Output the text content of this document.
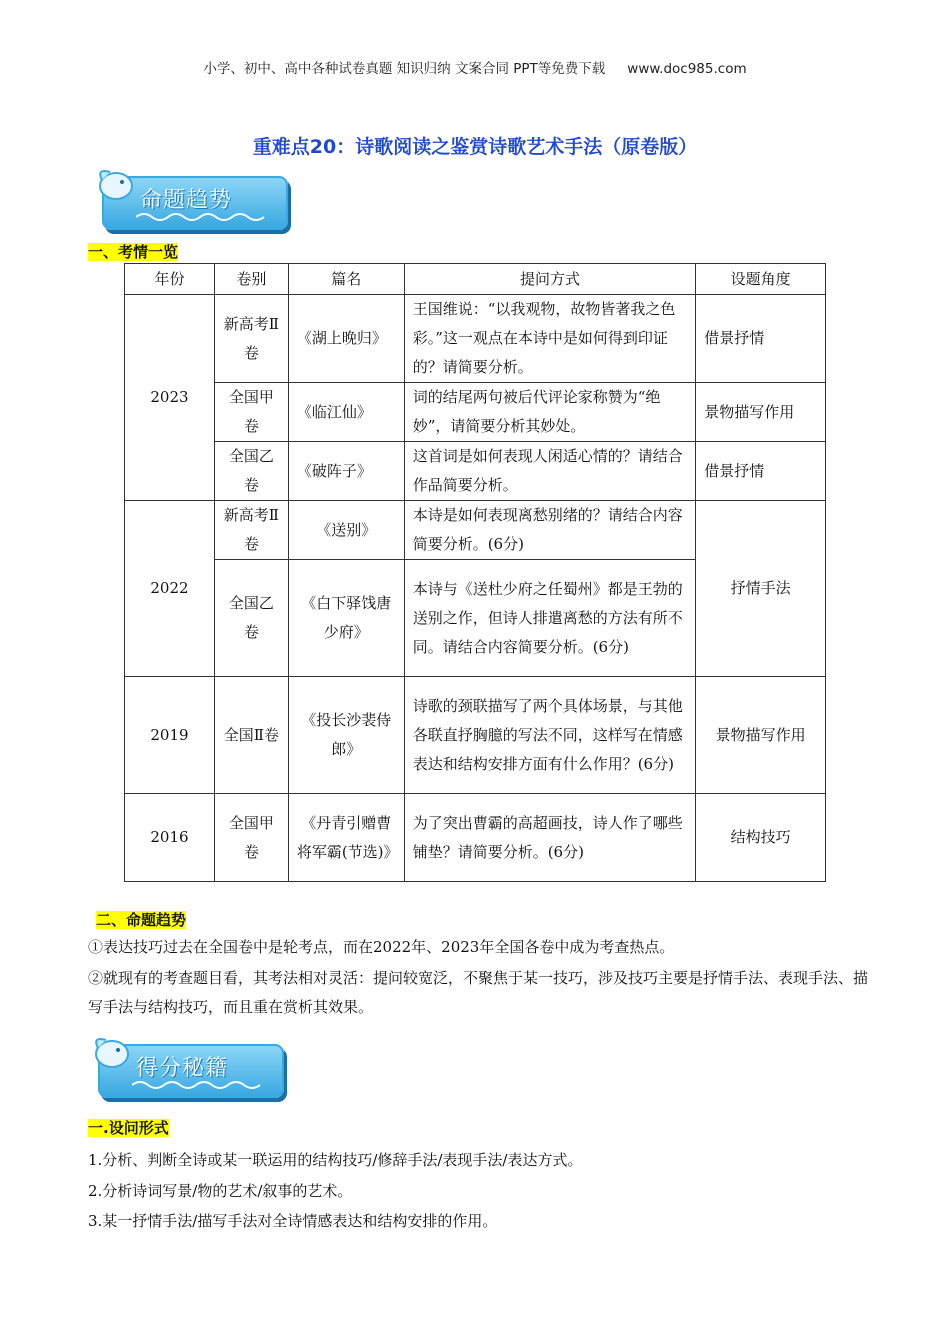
小学、初中、高中各种试卷真题 知识归纳 文案合同 PPT等免费下载 www.doc985.com
重难点20：诗歌阅读之鉴赏诗歌艺术手法（原卷版）
命题趋势
一、考情一览
年份	卷别	篇名	提问方式	设题角度
2023	新高考Ⅱ卷	《湖上晚归》	王国维说：“以我观物，故物皆著我之色彩。”这一观点在本诗中是如何得到印证的？请简要分析。	借景抒情
	全国甲卷	《临江仙》	词的结尾两句被后代评论家称赞为“绝妙”，请简要分析其妙处。	景物描写作用
	全国乙卷	《破阵子》	这首词是如何表现人闲适心情的？请结合作品简要分析。	借景抒情
2022	新高考Ⅱ卷	《送别》	本诗是如何表现离愁别绪的？请结合内容简要分析。(6分)	抒情手法
	全国乙卷	《白下驿饯唐少府》	本诗与《送杜少府之任蜀州》都是王勃的送别之作，但诗人排遣离愁的方法有所不同。请结合内容简要分析。(6分)	
2019	全国Ⅱ卷	《投长沙裴侍郎》	诗歌的颈联描写了两个具体场景，与其他各联直抒胸臆的写法不同，这样写在情感表达和结构安排方面有什么作用？(6分)	景物描写作用
2016	全国甲卷	《丹青引赠曹将军霸(节选)》	为了突出曹霸的高超画技，诗人作了哪些铺垫？请简要分析。(6分)	结构技巧
二、命题趋势
①表达技巧过去在全国卷中是轮考点，而在2022年、2023年全国各卷中成为考查热点。
②就现有的考查题目看，其考法相对灵活：提问较宽泛，不聚焦于某一技巧，涉及技巧主要是抒情手法、表现手法、描写手法与结构技巧，而且重在赏析其效果。
得分秘籍
一.设问形式
1.分析、判断全诗或某一联运用的结构技巧/修辞手法/表现手法/表达方式。
2.分析诗词写景/物的艺术/叙事的艺术。
3.某一抒情手法/描写手法对全诗情感表达和结构安排的作用。
